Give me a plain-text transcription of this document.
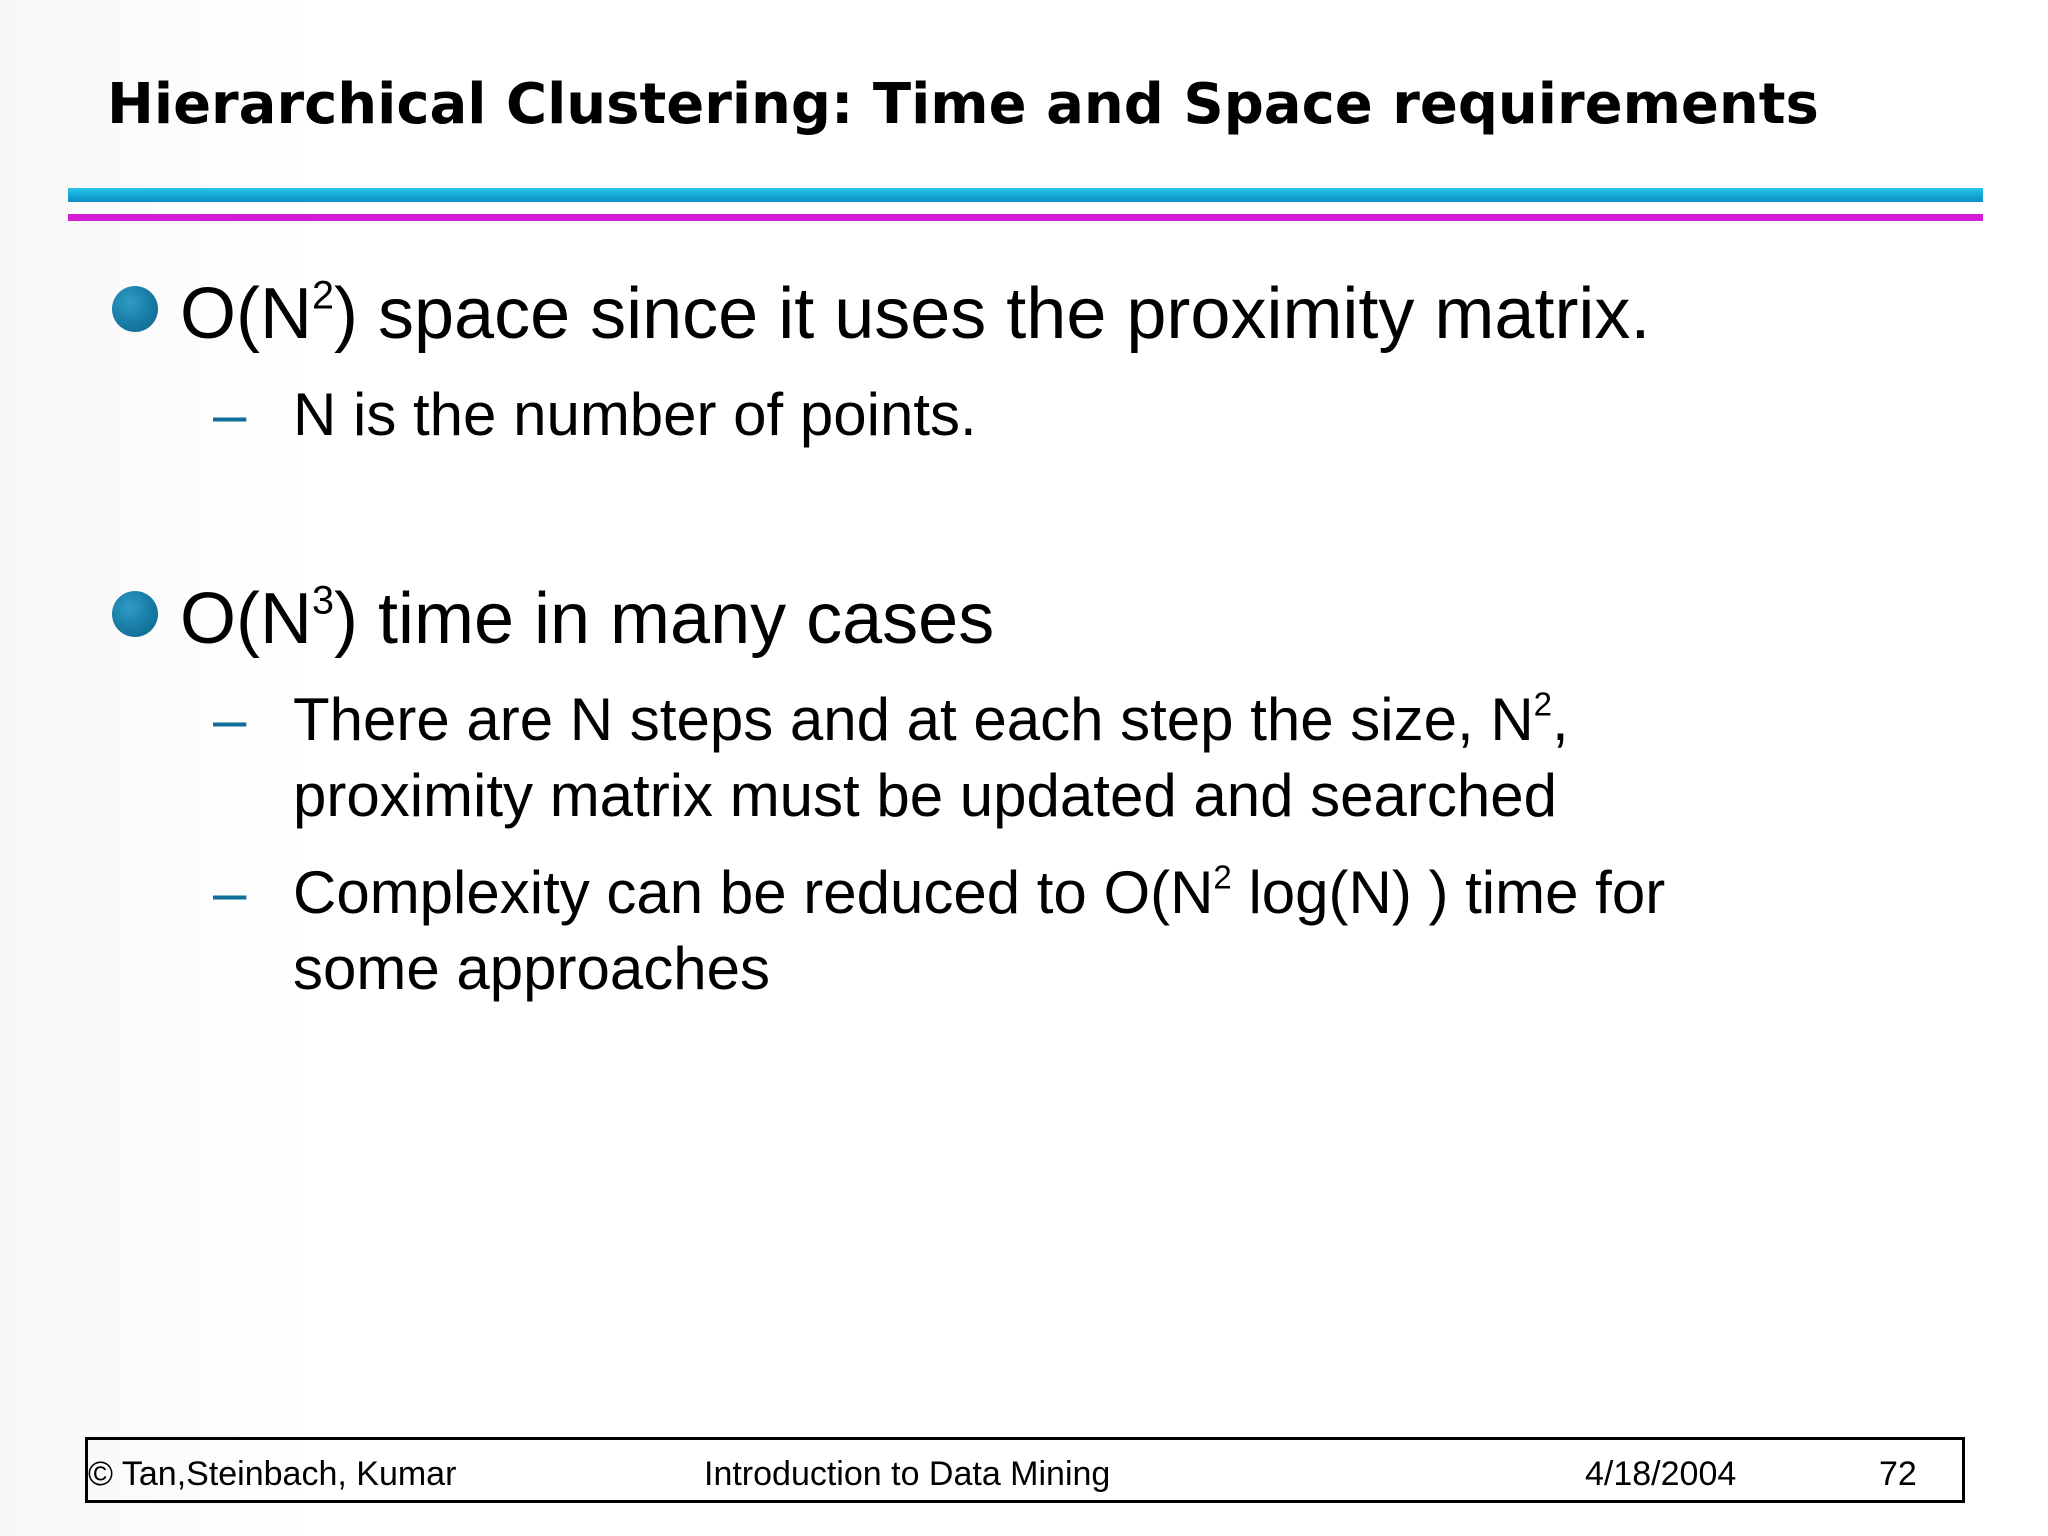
Hierarchical Clustering: Time and Space requirements
$O(N^2)$ space since it uses the proximity matrix.
– N is the number of points.
$O(N^3)$ time in many cases
– There are N steps and at each step the size, $N^2$,
proximity matrix must be updated and searched
– Complexity can be reduced to $O(N^2$ log(N) ) time for
some approaches
© Tan,Steinbach, Kumar	Introduction to Data Mining	4/18/2004	72
